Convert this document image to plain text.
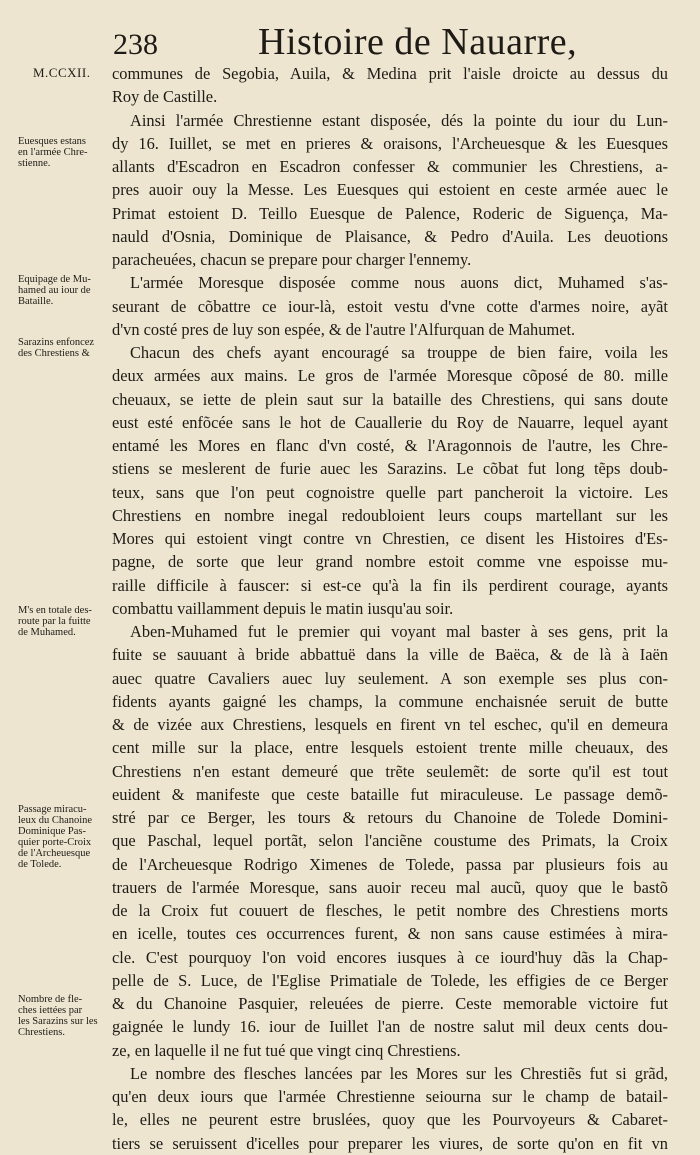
238	Histoire de Nauarre,
M.CCXII.
Euesques estans
en l'armée Chre-
stienne.
Equipage de Mu-
hamed au iour de
Bataille.
Sarazins enfoncez
des Chrestiens &
M's en totale des-
route par la fuitte
de Muhamed.
Passage miracu-
leux du Chanoine
Dominique Pas-
quier porte-Croix
de l'Archeuesque
de Tolede.
Nombre de fle-
ches iettées par
les Sarazins sur les
Chrestiens.
communes de Segobia, Auila, & Medina prit l'aisle droicte au dessus du
Roy de Castille.
Ainsi l'armée Chrestienne estant disposée, dés la pointe du iour du Lun-
dy 16. Iuillet, se met en prieres & oraisons, l'Archeuesque & les Euesques
allants d'Escadron en Escadron confesser & communier les Chrestiens, a-
pres auoir ouy la Messe. Les Euesques qui estoient en ceste armée auec le
Primat estoient D. Teillo Euesque de Palence, Roderic de Siguença, Ma-
nauld d'Osnia, Dominique de Plaisance, & Pedro d'Auila. Les deuotions
paracheuées, chacun se prepare pour charger l'ennemy.
L'armée Moresque disposée comme nous auons dict, Muhamed s'as-
seurant de cõbattre ce iour-là, estoit vestu d'vne cotte d'armes noire, ayãt
d'vn costé pres de luy son espée, & de l'autre l'Alfurquan de Mahumet.
Chacun des chefs ayant encouragé sa trouppe de bien faire, voila les
deux armées aux mains. Le gros de l'armée Moresque cõposé de 80. mille
cheuaux, se iette de plein saut sur la bataille des Chrestiens, qui sans doute
eust esté enfõcée sans le hot de Cauallerie du Roy de Nauarre, lequel ayant
entamé les Mores en flanc d'vn costé, & l'Aragonnois de l'autre, les Chre-
stiens se meslerent de furie auec les Sarazins. Le cõbat fut long tẽps doub-
teux, sans que l'on peut cognoistre quelle part pancheroit la victoire. Les
Chrestiens en nombre inegal redoubloient leurs coups martellant sur les
Mores qui estoient vingt contre vn Chrestien, ce disent les Histoires d'Es-
pagne, de sorte que leur grand nombre estoit comme vne espoisse mu-
raille difficile à fauscer: si est-ce qu'à la fin ils perdirent courage, ayants
combattu vaillamment depuis le matin iusqu'au soir.
Aben-Muhamed fut le premier qui voyant mal baster à ses gens, prit la
fuite se sauuant à bride abbattuë dans la ville de Baëca, & de là à Iaën
auec quatre Cavaliers auec luy seulement. A son exemple ses plus con-
fidents ayants gaigné les champs, la commune enchaisnée seruit de butte
& de vizée aux Chrestiens, lesquels en firent vn tel eschec, qu'il en demeura
cent mille sur la place, entre lesquels estoient trente mille cheuaux, des
Chrestiens n'en estant demeuré que trẽte seulemẽt: de sorte qu'il est tout
euident & manifeste que ceste bataille fut miraculeuse. Le passage demõ-
stré par ce Berger, les tours & retours du Chanoine de Tolede Domini-
que Paschal, lequel portãt, selon l'anciẽne coustume des Primats, la Croix
de l'Archeuesque Rodrigo Ximenes de Tolede, passa par plusieurs fois au
trauers de l'armée Moresque, sans auoir receu mal aucũ, quoy que le bastõ
de la Croix fut couuert de flesches, le petit nombre des Chrestiens morts
en icelle, toutes ces occurrences furent, & non sans cause estimées à mira-
cle. C'est pourquoy l'on void encores iusques à ce iourd'huy dãs la Chap-
pelle de S. Luce, de l'Eglise Primatiale de Tolede, les effigies de ce Berger
& du Chanoine Pasquier, releuées de pierre. Ceste memorable victoire fut
gaignée le lundy 16. iour de Iuillet l'an de nostre salut mil deux cents dou-
ze, en laquelle il ne fut tué que vingt cinq Chrestiens.
Le nombre des flesches lancées par les Mores sur les Chrestiẽs fut si grãd,
qu'en deux iours que l'armée Chrestienne seiourna sur le champ de batail-
le, elles ne peurent estre bruslées, quoy que les Pourvoyeurs & Cabaret-
tiers se seruissent d'icelles pour preparer les viures, de sorte qu'on en fit vn
